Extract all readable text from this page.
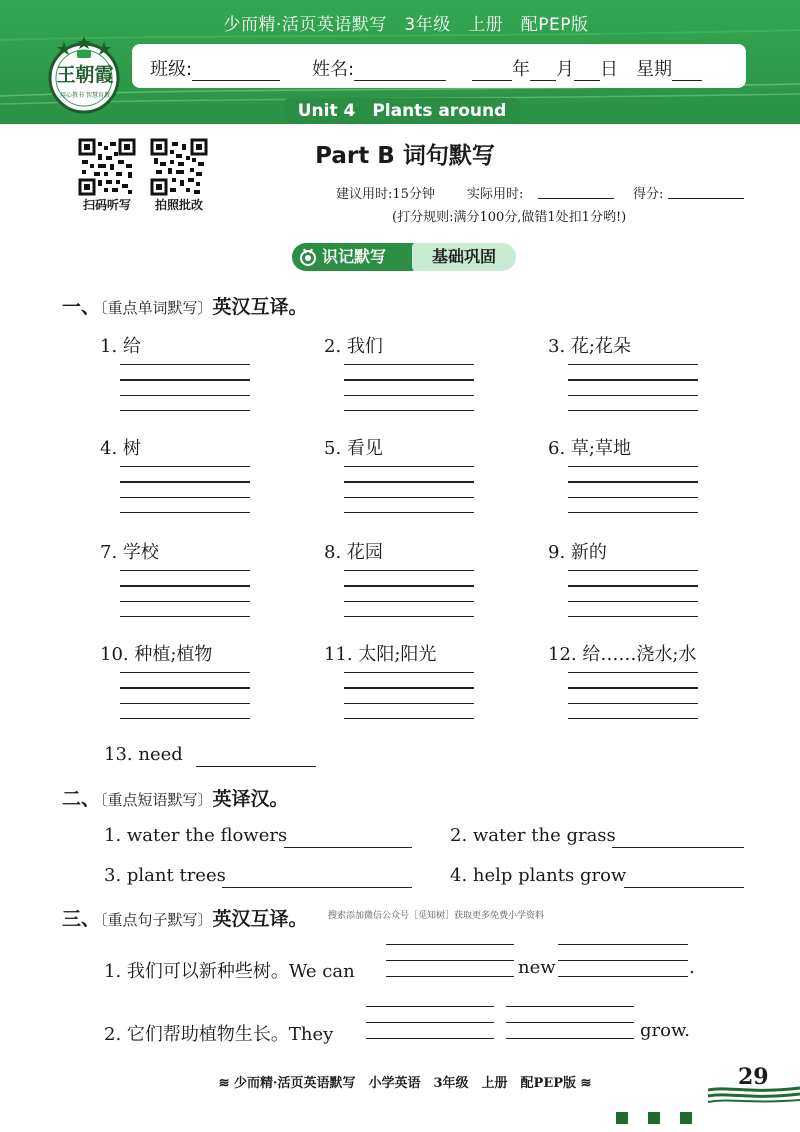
少而精·活页英语默写　3年级　上册　配PEP版
王朝霞
用心教书 智慧育教
班级:	姓名:	年 月 日 星期
Unit 4　Plants around us
扫码听写	拍照批改
Part B 词句默写
建议用时:15分钟 实际用时:	得分:
(打分规则:满分100分,做错1处扣1分哟!)
识记默写	基础巩固
一、〔重点单词默写〕英汉互译。
1. 给	2. 我们	3. 花;花朵
4. 树	5. 看见	6. 草;草地
7. 学校	8. 花园	9. 新的
10. 种植;植物	11. 太阳;阳光	12. 给……浇水;水
13. need
二、〔重点短语默写〕英译汉。
1. water the flowers	2. water the grass
3. plant trees	4. help plants grow
三、〔重点句子默写〕英汉互译。 搜索添加微信公众号［觅知树］获取更多免费小学资料
1. 我们可以新种些树。We can	new	.
2. 它们帮助植物生长。They	grow.
≋ 少而精·活页英语默写　小学英语　3年级　上册　配PEP版 ≋	29
